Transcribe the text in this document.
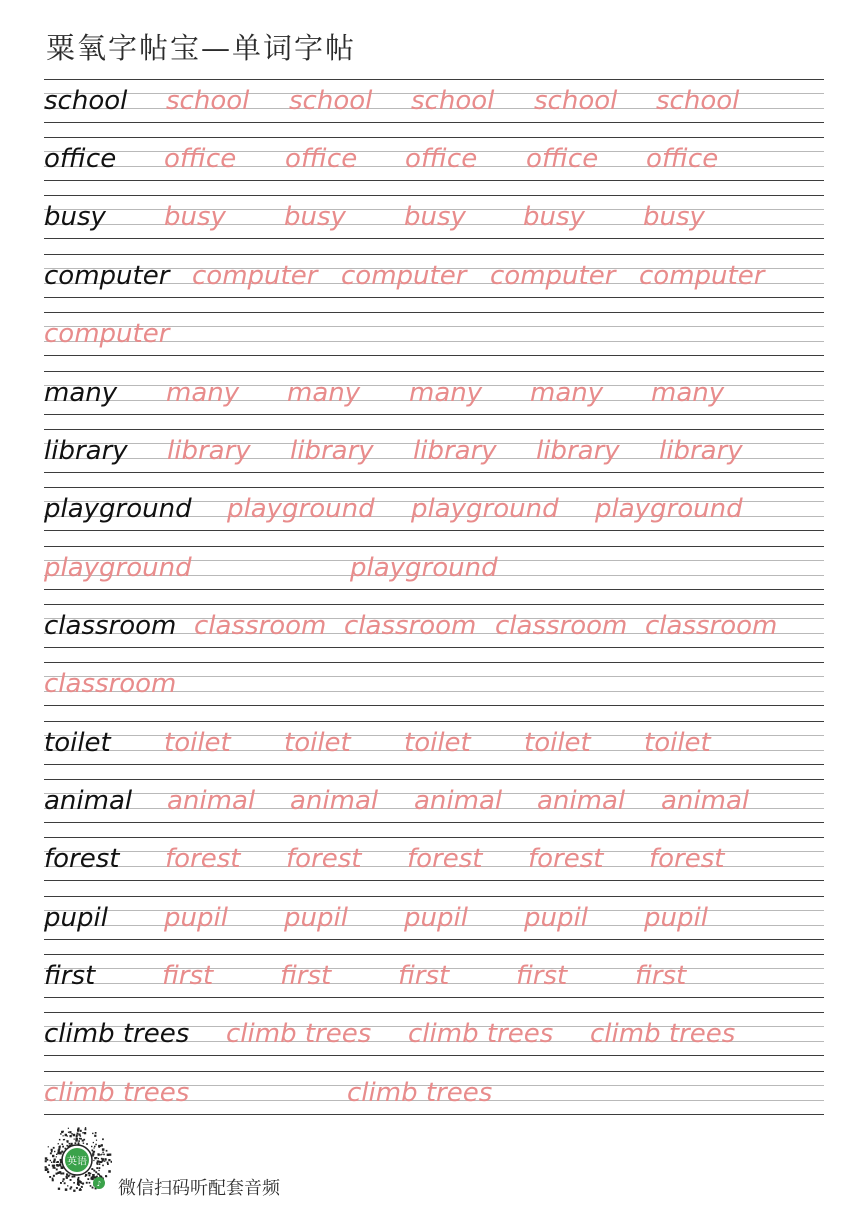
粟氧字帖宝—单词字帖
school school school school school school
office office office office office office
busy busy busy busy busy busy
computer computer computer computer computer
computer
many many many many many many
library library library library library library
playground playground playground playground
playground	playground
classroom classroom classroom classroom classroom
classroom
toilet toilet toilet toilet toilet toilet
animal animal animal animal animal animal
forest forest forest forest forest forest
pupil pupil pupil pupil pupil pupil
first	first	first	first	first	first
climb trees climb trees climb trees climb trees
climb trees	climb trees
英语
♪ 微信扫码听配套音频
